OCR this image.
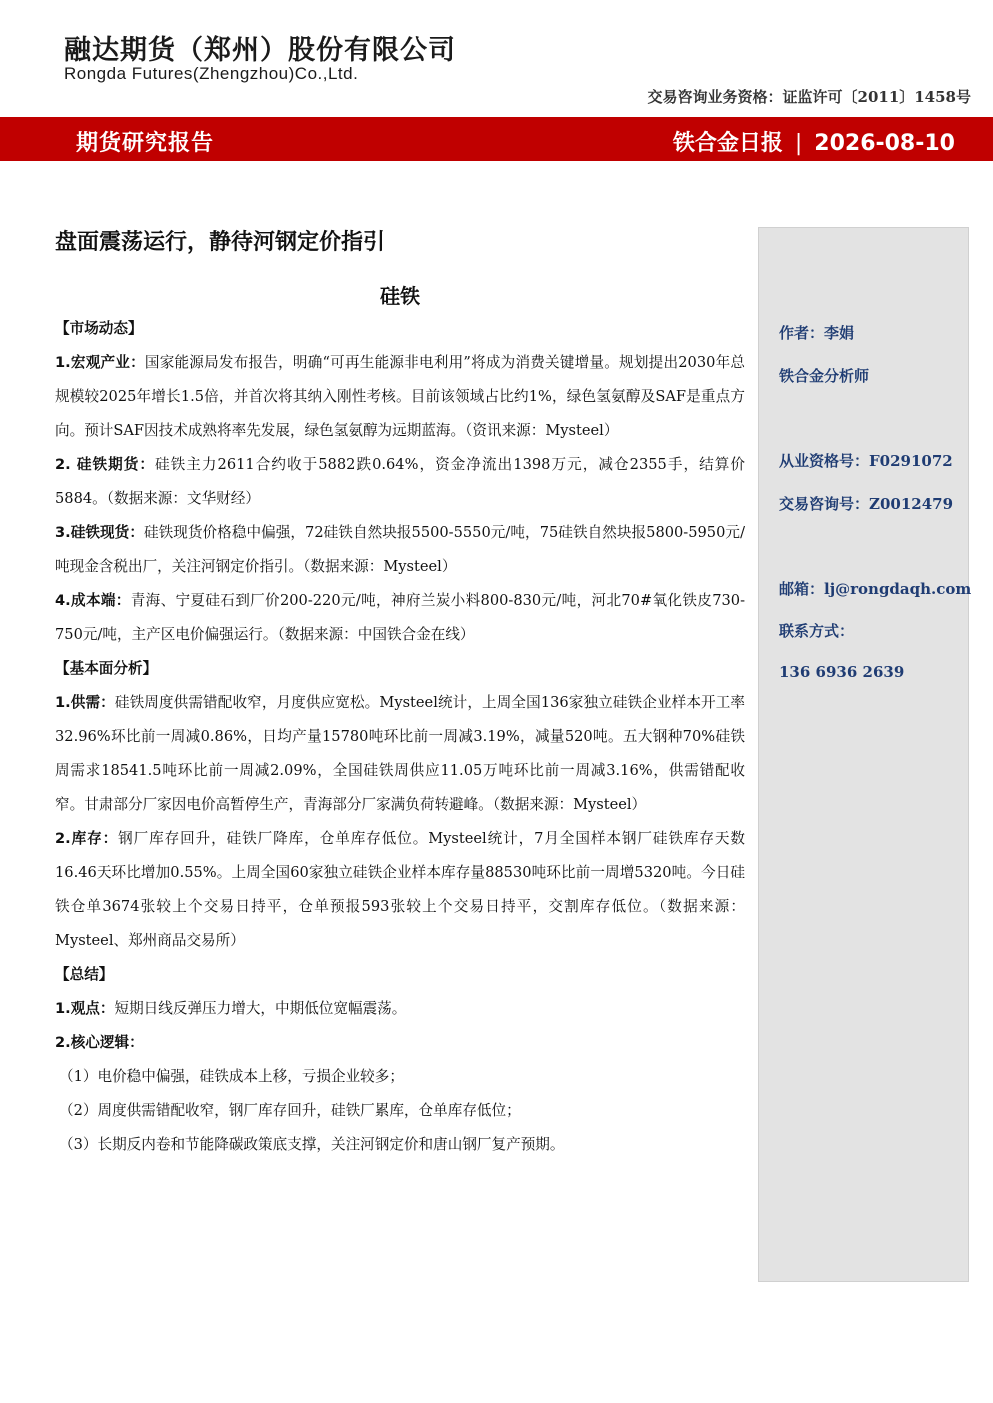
融达期货（郑州）股份有限公司
Rongda Futures(Zhengzhou)Co.,Ltd.
交易咨询业务资格：证监许可〔2011〕1458号
期货研究报告	铁合金日报 | 2026-08-10
盘面震荡运行，静待河钢定价指引
硅铁

【市场动态】

1.宏观产业：国家能源局发布报告，明确“可再生能源非电利用”将成为消费关键增量。规划提出2030年总规模较2025年增长1.5倍，并首次将其纳入刚性考核。目前该领域占比约1%，绿色氢氨醇及SAF是重点方向。预计SAF因技术成熟将率先发展，绿色氢氨醇为远期蓝海。（资讯来源：Mysteel）

2. 硅铁期货：硅铁主力2611合约收于5882跌0.64%，资金净流出1398万元，减仓2355手，结算价5884。（数据来源：文华财经）

3.硅铁现货：硅铁现货价格稳中偏强，72硅铁自然块报5500-5550元/吨，75硅铁自然块报5800-5950元/吨现金含税出厂，关注河钢定价指引。（数据来源：Mysteel）

4.成本端：青海、宁夏硅石到厂价200-220元/吨，神府兰炭小料800-830元/吨，河北70#氧化铁皮730-750元/吨，主产区电价偏强运行。（数据来源：中国铁合金在线）

【基本面分析】

1.供需：硅铁周度供需错配收窄，月度供应宽松。Mysteel统计，上周全国136家独立硅铁企业样本开工率32.96%环比前一周减0.86%，日均产量15780吨环比前一周减3.19%，减量520吨。五大钢种70%硅铁周需求18541.5吨环比前一周减2.09%，全国硅铁周供应11.05万吨环比前一周减3.16%，供需错配收窄。甘肃部分厂家因电价高暂停生产，青海部分厂家满负荷转避峰。（数据来源：Mysteel）

2.库存：钢厂库存回升，硅铁厂降库，仓单库存低位。Mysteel统计，7月全国样本钢厂硅铁库存天数16.46天环比增加0.55%。上周全国60家独立硅铁企业样本库存量88530吨环比前一周增5320吨。今日硅铁仓单3674张较上个交易日持平，仓单预报593张较上个交易日持平，交割库存低位。（数据来源：Mysteel、郑州商品交易所）

【总结】

1.观点：短期日线反弹压力增大，中期低位宽幅震荡。

2.核心逻辑：

（1）电价稳中偏强，硅铁成本上移，亏损企业较多；

（2）周度供需错配收窄，钢厂库存回升，硅铁厂累库，仓单库存低位；

（3）长期反内卷和节能降碳政策底支撑，关注河钢定价和唐山钢厂复产预期。

作者：李娟
铁合金分析师
从业资格号：F0291072
交易咨询号：Z0012479
邮箱：lj@rongdaqh.com
联系方式：
136 6936 2639
